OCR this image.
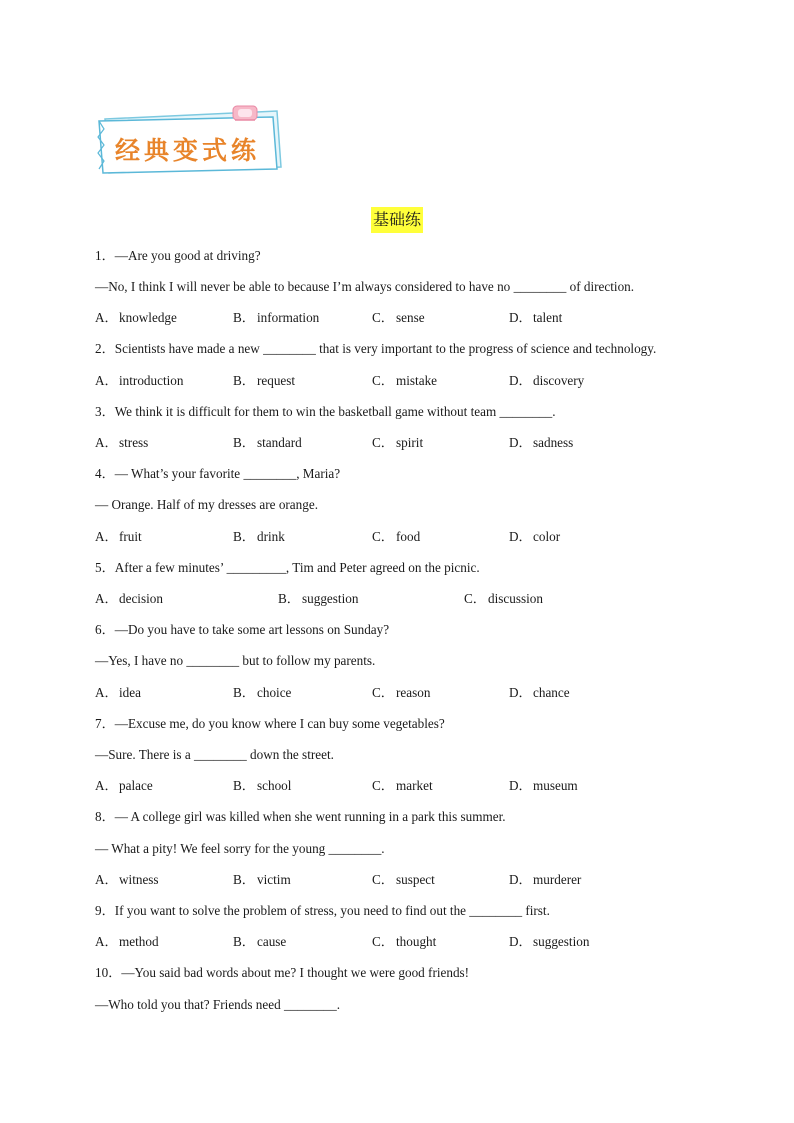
经典变式练
基础练
1．—Are you good at driving?
—No, I think I will never be able to because I’m always considered to have no ________ of direction.
A．knowledge	B． information	C． sense	D．talent
2．Scientists have made a new ________ that is very important to the progress of science and technology.
A．introduction	B． request	C． mistake	D．discovery
3．We think it is difficult for them to win the basketball game without team ________.
A．stress	B． standard	C． spirit	D．sadness
4．— What’s your favorite ________, Maria?
— Orange. Half of my dresses are orange.
A．fruit	B． drink	C． food	D．color
5．After a few minutes’ _________, Tim and Peter agreed on the picnic.
A．decision	B． suggestion	C． discussion
6．—Do you have to take some art lessons on Sunday?
—Yes, I have no ________ but to follow my parents.
A．idea	B． choice	C． reason	D．chance
7．—Excuse me, do you know where I can buy some vegetables?
—Sure. There is a ________ down the street.
A．palace	B． school	C． market	D．museum
8．— A college girl was killed when she went running in a park this summer.
— What a pity! We feel sorry for the young ________.
A．witness	B． victim	C． suspect	D．murderer
9．If you want to solve the problem of stress, you need to find out the ________ first.
A．method	B． cause	C． thought	D．suggestion
10．—You said bad words about me? I thought we were good friends!
—Who told you that? Friends need ________.
